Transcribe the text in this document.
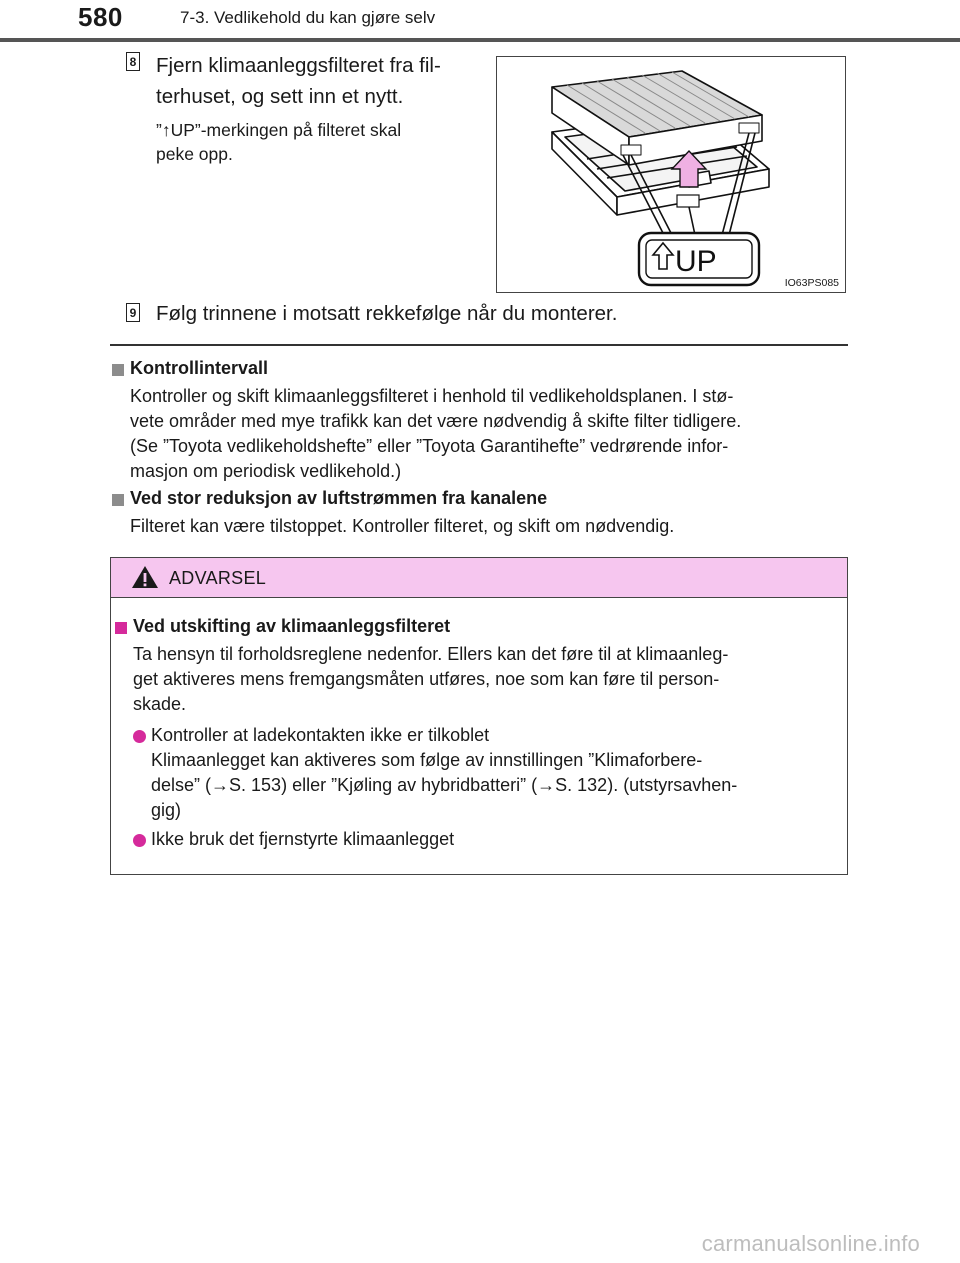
580	7-3. Vedlikehold du kan gjøre selv
8 Fjern klimaanleggsfilteret fra fil-
terhuset, og sett inn et nytt.
”↑UP”-merkingen på filteret skal
peke opp.
UP
IO63PS085
9 Følg trinnene i motsatt rekkefølge når du monterer.
Kontrollintervall
Kontroller og skift klimaanleggsfilteret i henhold til vedlikeholdsplanen. I stø-
vete områder med mye trafikk kan det være nødvendig å skifte filter tidligere.
(Se ”Toyota vedlikeholdshefte” eller ”Toyota Garantihefte” vedrørende infor-
masjon om periodisk vedlikehold.)
Ved stor reduksjon av luftstrømmen fra kanalene
Filteret kan være tilstoppet. Kontroller filteret, og skift om nødvendig.
ADVARSEL
Ved utskifting av klimaanleggsfilteret
Ta hensyn til forholdsreglene nedenfor. Ellers kan det føre til at klimaanleg-
get aktiveres mens fremgangsmåten utføres, noe som kan føre til person-
skade.
Kontroller at ladekontakten ikke er tilkoblet
Klimaanlegget kan aktiveres som følge av innstillingen ”Klimaforbere-
delse” (→S. 153) eller ”Kjøling av hybridbatteri” (→S. 132). (utstyrsavhen-
gig)
Ikke bruk det fjernstyrte klimaanlegget
carmanualsonline.info
